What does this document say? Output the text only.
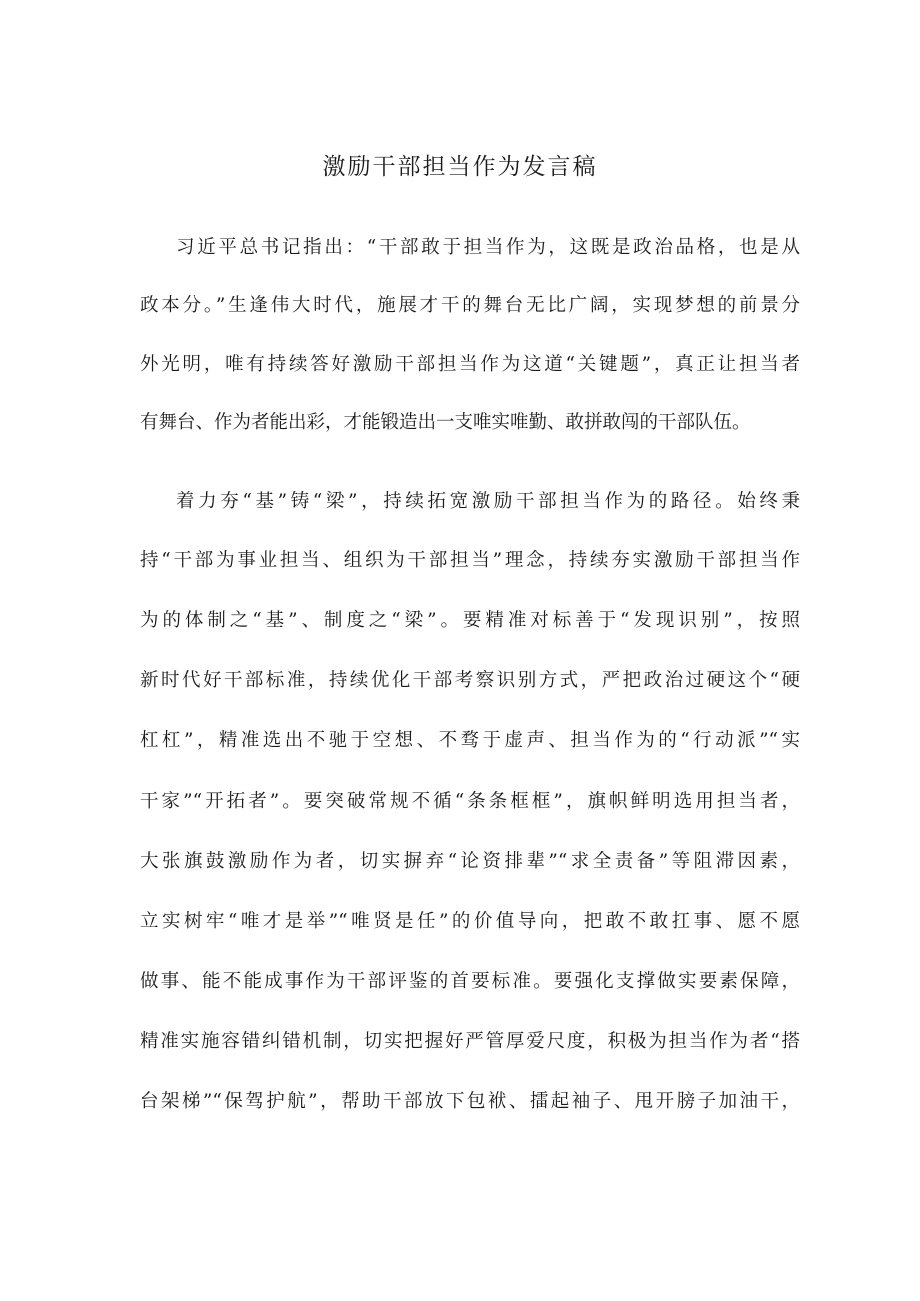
激励干部担当作为发言稿
习近平总书记指出：“干部敢于担当作为，这既是政治品格，也是从
政本分。”生逢伟大时代，施展才干的舞台无比广阔，实现梦想的前景分
外光明，唯有持续答好激励干部担当作为这道“关键题”，真正让担当者
有舞台、作为者能出彩，才能锻造出一支唯实唯勤、敢拼敢闯的干部队伍。
着力夯“基”铸“梁”，持续拓宽激励干部担当作为的路径。始终秉
持“干部为事业担当、组织为干部担当”理念，持续夯实激励干部担当作
为的体制之“基”、制度之“梁”。要精准对标善于“发现识别”，按照
新时代好干部标准，持续优化干部考察识别方式，严把政治过硬这个“硬
杠杠”，精准选出不驰于空想、不骛于虚声、担当作为的“行动派”“实
干家”“开拓者”。要突破常规不循“条条框框”，旗帜鲜明选用担当者，
大张旗鼓激励作为者，切实摒弃“论资排辈”“求全责备”等阻滞因素，
立实树牢“唯才是举”“唯贤是任”的价值导向，把敢不敢扛事、愿不愿
做事、能不能成事作为干部评鉴的首要标准。要强化支撑做实要素保障，
精准实施容错纠错机制，切实把握好严管厚爱尺度，积极为担当作为者“搭
台架梯”“保驾护航”，帮助干部放下包袱、擂起袖子、甩开膀子加油干，
